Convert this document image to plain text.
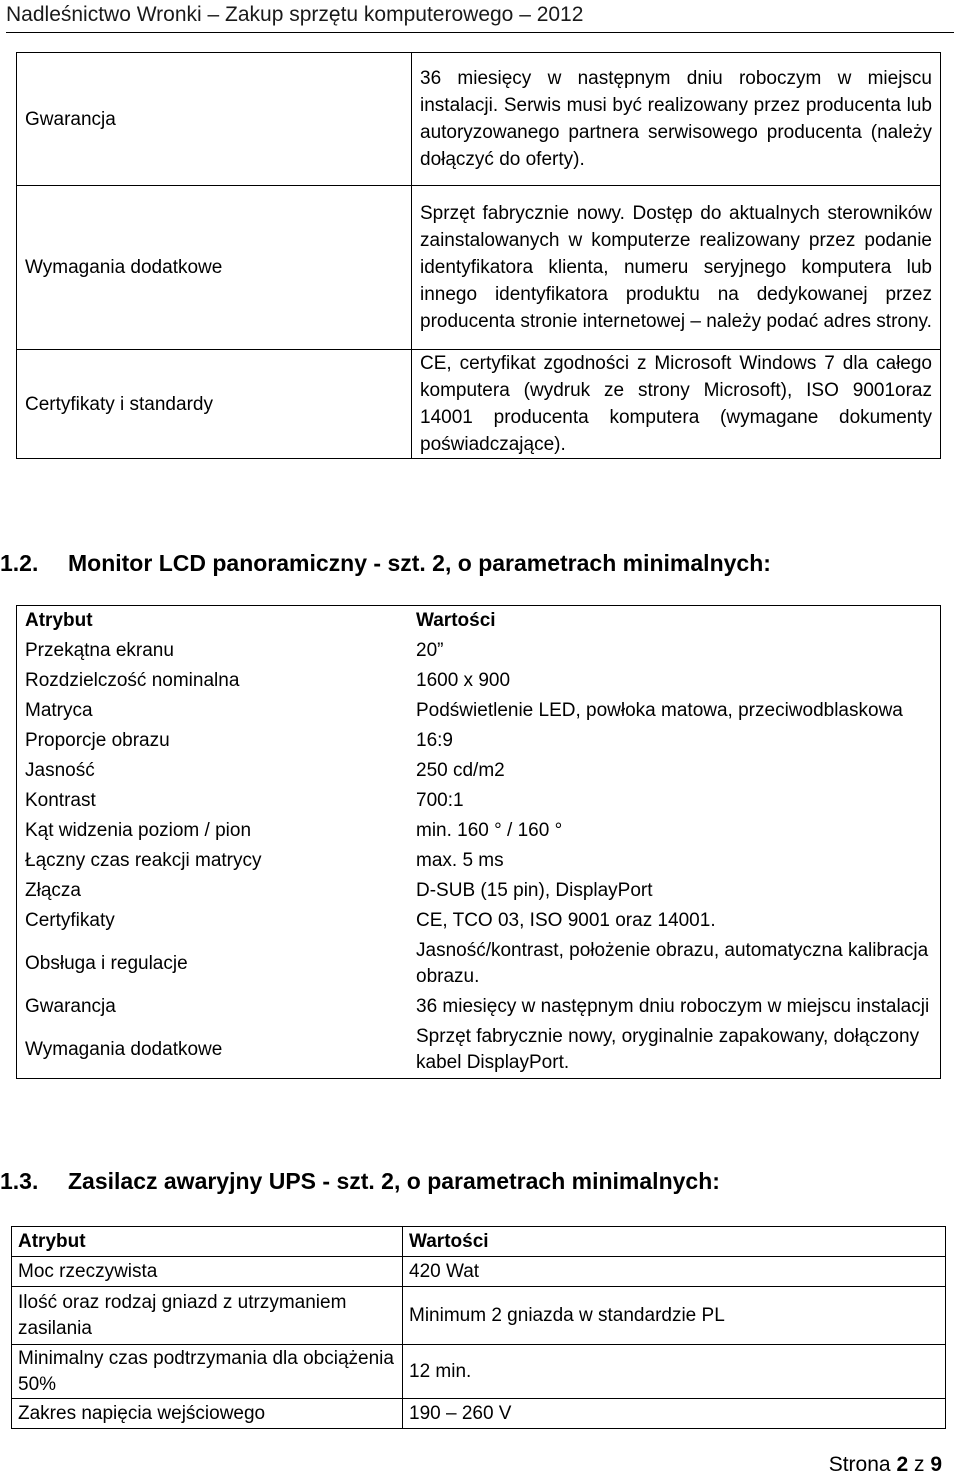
Nadleśnictwo Wronki – Zakup sprzętu komputerowego – 2012
Gwarancja	36 miesięcy w następnym dniu roboczym w miejscu instalacji. Serwis musi być realizowany przez producenta lub autoryzowanego partnera serwisowego producenta (należy dołączyć do oferty).
Wymagania dodatkowe	Sprzęt fabrycznie nowy. Dostęp do aktualnych sterowników zainstalowanych w komputerze realizowany przez podanie identyfikatora klienta, numeru seryjnego komputera lub innego identyfikatora produktu na dedykowanej przez producenta stronie internetowej – należy podać adres strony.
Certyfikaty i standardy	CE, certyfikat zgodności z Microsoft Windows 7 dla całego komputera (wydruk ze strony Microsoft), ISO 9001oraz 14001 producenta komputera (wymagane dokumenty poświadczające).
1.2. Monitor LCD panoramiczny - szt. 2, o parametrach minimalnych:
Atrybut	Wartości
Przekątna ekranu	20”
Rozdzielczość nominalna	1600 x 900
Matryca	Podświetlenie LED, powłoka matowa, przeciwodblaskowa
Proporcje obrazu	16:9
Jasność	250 cd/m2
Kontrast	700:1
Kąt widzenia poziom / pion	min. 160 ° / 160 °
Łączny czas reakcji matrycy	max. 5 ms
Złącza	D-SUB (15 pin), DisplayPort
Certyfikaty	CE, TCO 03, ISO 9001 oraz 14001.
Obsługa i regulacje	Jasność/kontrast, położenie obrazu, automatyczna kalibracja obrazu.
Gwarancja	36 miesięcy w następnym dniu roboczym w miejscu instalacji
Wymagania dodatkowe	Sprzęt fabrycznie nowy, oryginalnie zapakowany, dołączony kabel DisplayPort.
1.3. Zasilacz awaryjny UPS - szt. 2, o parametrach minimalnych:
Atrybut	Wartości
Moc rzeczywista	420 Wat
Ilość oraz rodzaj gniazd z utrzymaniem zasilania	Minimum 2 gniazda w standardzie PL
Minimalny czas podtrzymania dla obciążenia 50%	12 min.
Zakres napięcia wejściowego	190 – 260 V
Strona 2 z 9
